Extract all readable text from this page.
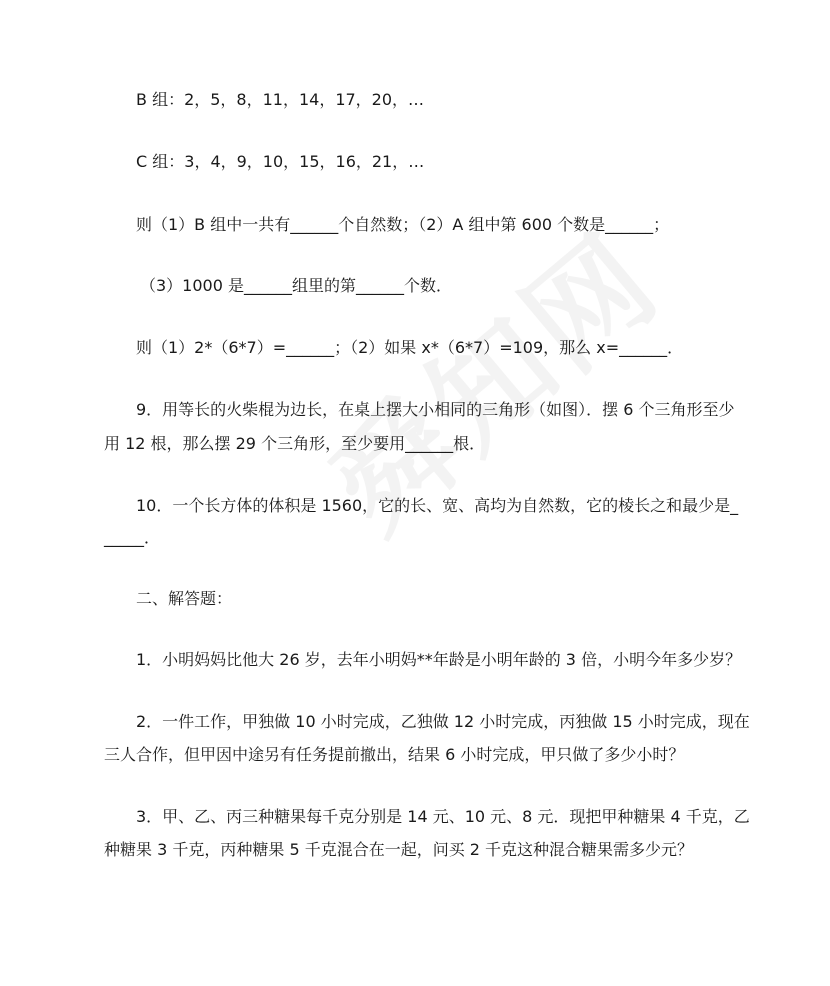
B 组：2，5，8，11，14，17，20，…
C 组：3，4，9，10，15，16，21，…
则（1）B 组中一共有______个自然数；（2）A 组中第 600 个数是______；
（3）1000 是______组里的第______个数．
则（1）2*（6*7）=______；（2）如果 x*（6*7）=109，那么 x=______．
9．用等长的火柴棍为边长，在桌上摆大小相同的三角形（如图）．摆 6 个三角形至少
用 12 根，那么摆 29 个三角形，至少要用______根．
10．一个长方体的体积是 1560，它的长、宽、高均为自然数，它的棱长之和最少是_
_____．
二、解答题：
1．小明妈妈比他大 26 岁，去年小明妈**年龄是小明年龄的 3 倍，小明今年多少岁？
2．一件工作，甲独做 10 小时完成，乙独做 12 小时完成，丙独做 15 小时完成，现在
三人合作，但甲因中途另有任务提前撤出，结果 6 小时完成，甲只做了多少小时？
3．甲、乙、丙三种糖果每千克分别是 14 元、10 元、8 元．现把甲种糖果 4 千克，乙
种糖果 3 千克，丙种糖果 5 千克混合在一起，问买 2 千克这种混合糖果需多少元？
